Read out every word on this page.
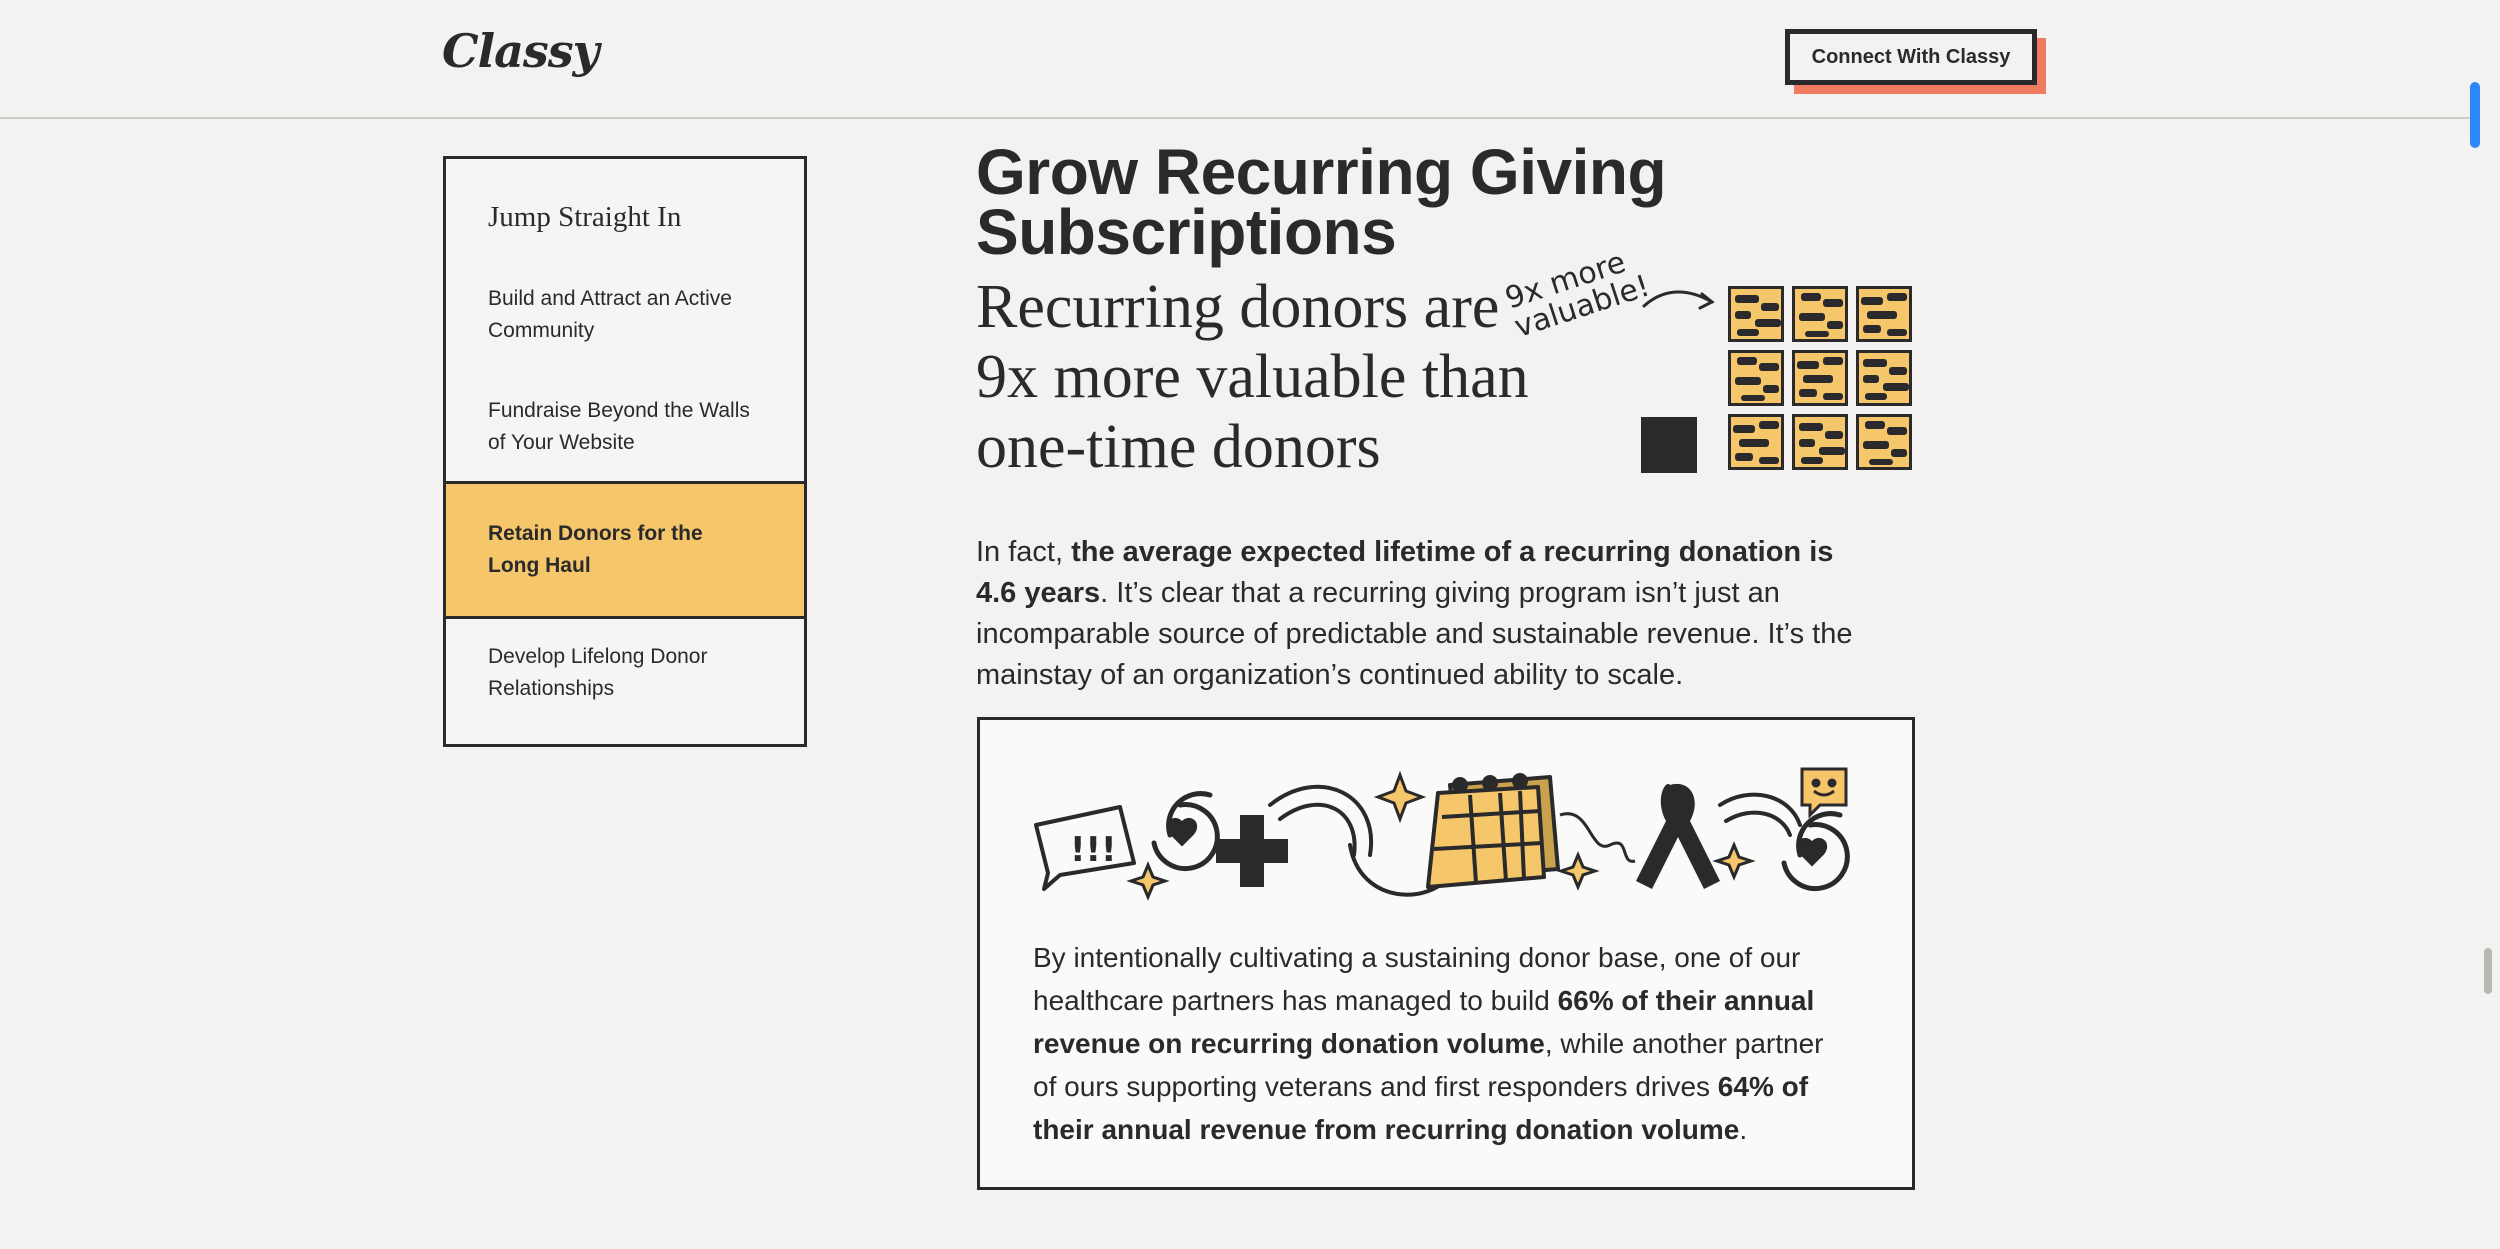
Classy	Connect With Classy
Jump Straight In
Build and Attract an Active Community
Fundraise Beyond the Walls of Your Website
Retain Donors for the Long Haul
Develop Lifelong Donor Relationships
Grow Recurring Giving Subscriptions
Recurring donors are 9x more valuable than one-time donors
9x more valuable!
In fact, the average expected lifetime of a recurring donation is 4.6 years. It’s clear that a recurring giving program isn’t just an incomparable source of predictable and sustainable revenue. It’s the mainstay of an organization’s continued ability to scale.
!!!
By intentionally cultivating a sustaining donor base, one of our healthcare partners has managed to build 66% of their annual revenue on recurring donation volume, while another partner of ours supporting veterans and first responders drives 64% of their annual revenue from recurring donation volume.
